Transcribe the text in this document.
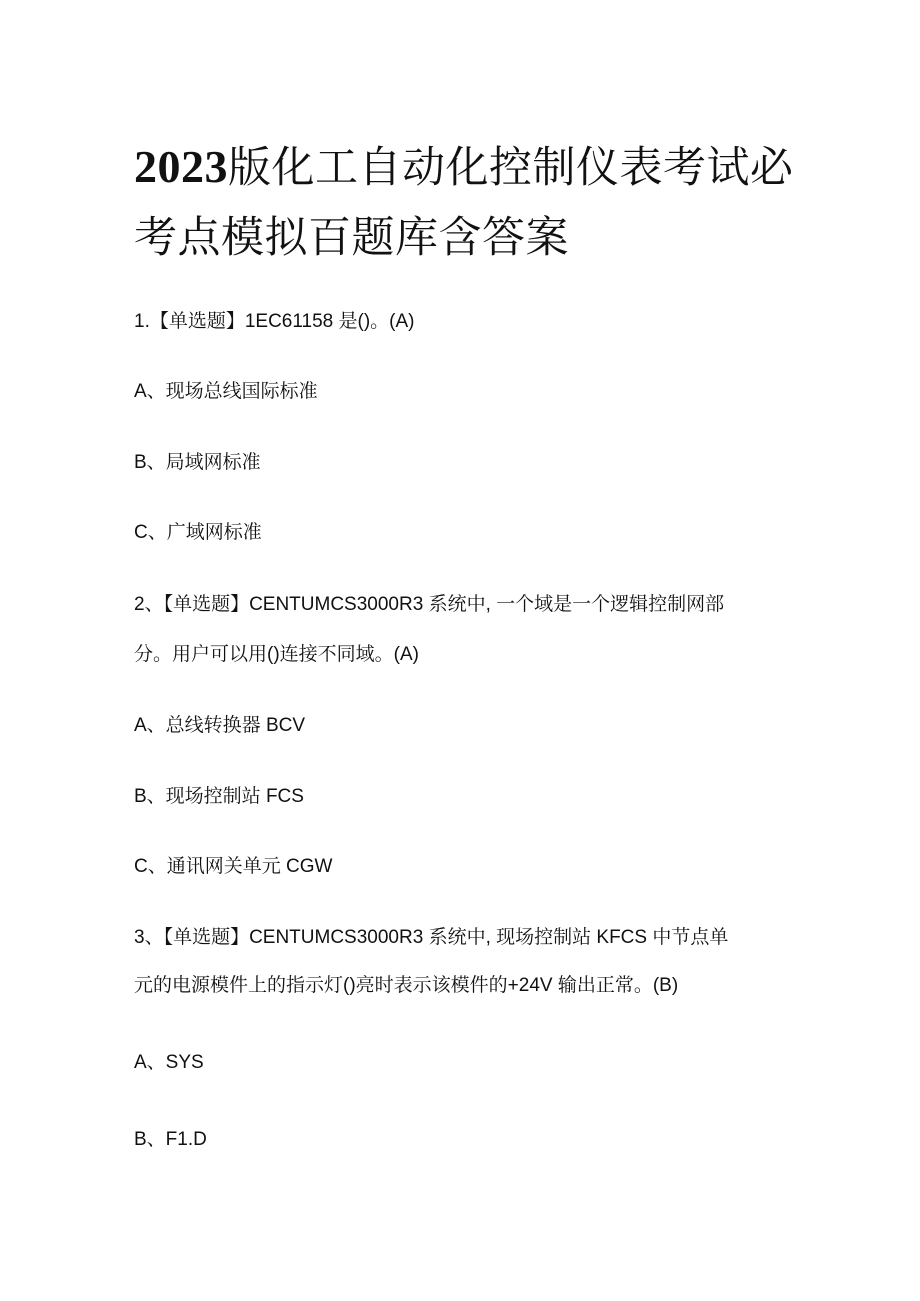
2023版化工自动化控制仪表考试必考点模拟百题库含答案

1.【单选题】1EC61158 是()。(A)

A、现场总线国际标准

B、局域网标准

C、广域网标准

2、【单选题】CENTUMCS3000R3 系统中, 一个域是一个逻辑控制网部

分。用户可以用()连接不同域。(A)

A、总线转换器 BCV

B、现场控制站 FCS

C、通讯网关单元 CGW

3、【单选题】CENTUMCS3000R3 系统中, 现场控制站 KFCS 中节点单

元的电源模件上的指示灯()亮时表示该模件的+24V 输出正常。(B)

A、SYS

B、F1.D
